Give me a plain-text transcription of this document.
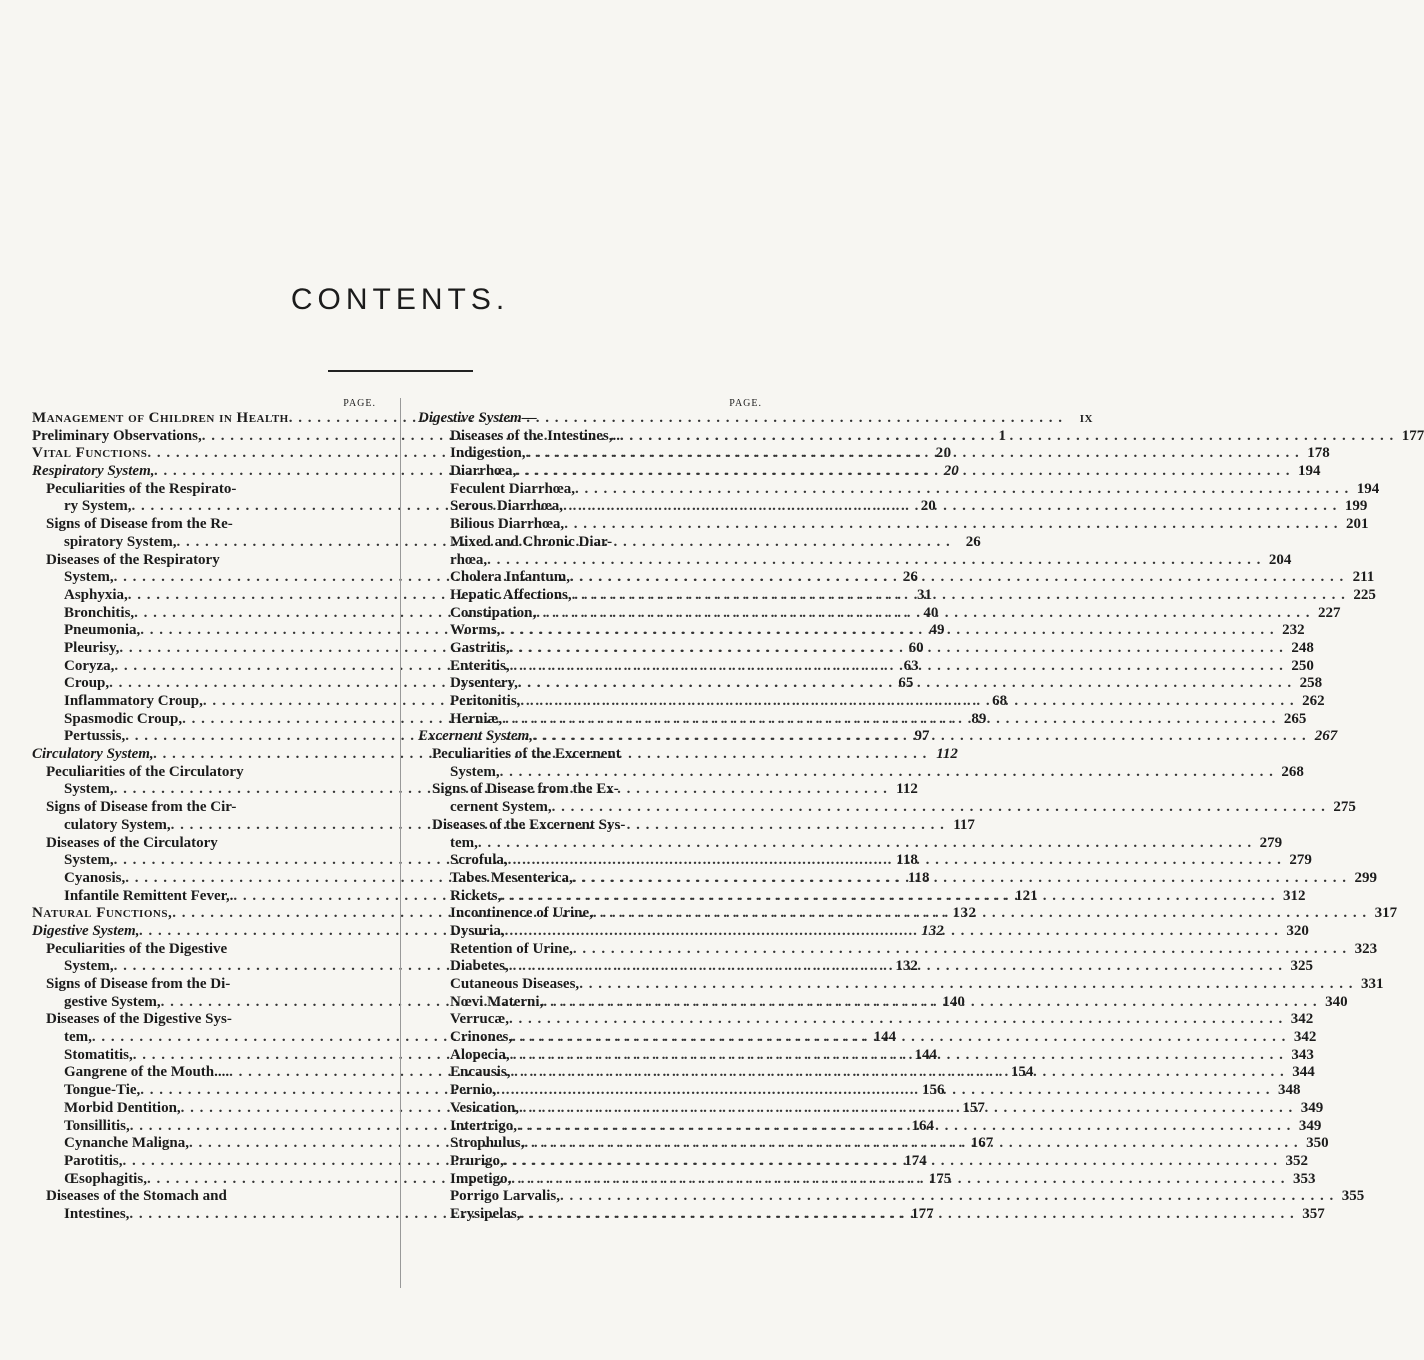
CONTENTS.
PAGE.
Management of Children in Health . . .	ix
Preliminary Observations, . . .	1
Vital Functions . . .	20
Respiratory System, . . .	20
Peculiarities of the Respirato-
ry System, . . .	20
Signs of Disease from the Re-
spiratory System, . . .	26
Diseases of the Respiratory
System, . . .	26
Asphyxia, . . .	31
Bronchitis, . . .	40
Pneumonia, . . .	49
Pleurisy, . . .	60
Coryza, . . .	63
Croup, . . .	65
Inflammatory Croup, . . .	68
Spasmodic Croup, . . .	89
Pertussis, . . .	97
Circulatory System, . . .	112
Peculiarities of the Circulatory
System, . . .	112
Signs of Disease from the Cir-
culatory System, . . .	117
Diseases of the Circulatory
System, . . .	118
Cyanosis, . . .	118
Infantile Remittent Fever,. . . .	121
Natural Functions, . . .	132
Digestive System, . . .	132
Peculiarities of the Digestive
System, . . .	132
Signs of Disease from the Di-
gestive System, . . .	140
Diseases of the Digestive Sys-
tem, . . .	144
Stomatitis, . . .	144
Gangrene of the Mouth.... . . .	154
Tongue-Tie, . . .	156
Morbid Dentition, . . .	157
Tonsillitis, . . .	164
Cynanche Maligna, . . .	167
Parotitis, . . .	174
Œsophagitis, . . .	175
Diseases of the Stomach and
Intestines, . . .	177
PAGE.
Digestive System—
Diseases of the Intestines,.. . . .	177
Indigestion, . . .	178
Diarrhœa, . . .	194
Feculent Diarrhœa, . . .	194
Serous Diarrhœa, . . .	199
Bilious Diarrhœa, . . .	201
Mixed and Chronic Diar-
rhœa, . . .	204
Cholera Infantum, . . .	211
Hepatic Affections, . . .	225
Constipation, . . .	227
Worms, . . .	232
Gastritis, . . .	248
Enteritis, . . .	250
Dysentery, . . .	258
Peritonitis, . . .	262
Herniæ, . . .	265
Excernent System, . . .	267
Peculiarities of the Excernent
System, . . .	268
Signs of Disease from the Ex-
cernent System, . . .	275
Diseases of the Excernent Sys-
tem, . . .	279
Scrofula, . . .	279
Tabes Mesenterica, . . .	299
Rickets, . . .	312
Incontinence of Urine, . . .	317
Dysuria, . . .	320
Retention of Urine, . . .	323
Diabetes, . . .	325
Cutaneous Diseases, . . .	331
Nœvi Materni, . . .	340
Verrucæ, . . .	342
Crinones, . . .	342
Alopecia, . . .	343
Encausis, . . .	344
Pernio, . . .	348
Vesication, . . .	349
Intertrigo, . . .	349
Strophulus, . . .	350
Prurigo, . . .	352
Impetigo, . . .	353
Porrigo Larvalis, . . .	355
Erysipelas, . . .	357
